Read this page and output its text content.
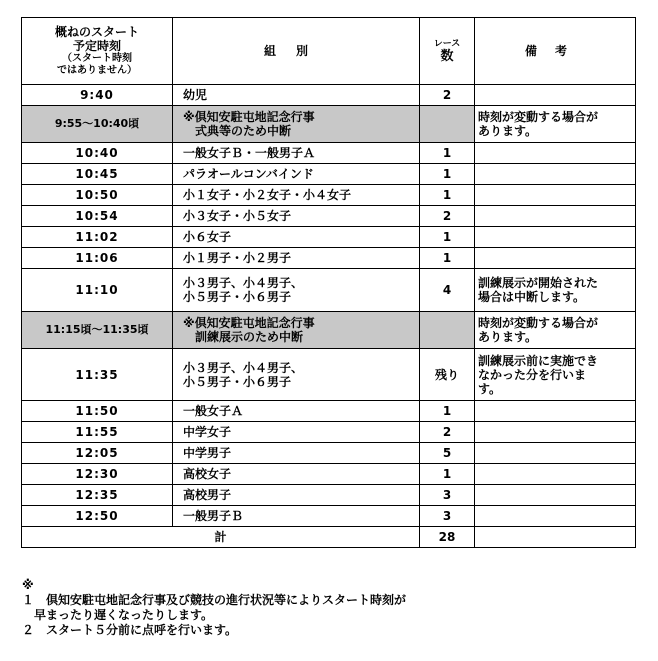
概ねのスタート
予定時刻
（スタート時刻
ではありません）	組別	レース
数	備考
9:40	幼児	2	
9:55～10:40頃	※倶知安駐屯地記念行事
　式典等のため中断		時刻が変動する場合が
あります。
10:40	一般女子Ｂ・一般男子Ａ	1	
10:45	パラオールコンバインド	1	
10:50	小１女子・小２女子・小４女子	1	
10:54	小３女子・小５女子	2	
11:02	小６女子	1	
11:06	小１男子・小２男子	1	
11:10	小３男子、小４男子、
小５男子・小６男子	4	訓練展示が開始された
場合は中断します。
11:15頃～11:35頃	※倶知安駐屯地記念行事
　訓練展示のため中断		時刻が変動する場合が
あります。
11:35	小３男子、小４男子、
小５男子・小６男子	残り	訓練展示前に実施でき
なかった分を行いま
す。
11:50	一般女子Ａ	1	
11:55	中学女子	2	
12:05	中学男子	5	
12:30	高校女子	1	
12:35	高校男子	3	
12:50	一般男子Ｂ	3	
計		28	
※
１　倶知安駐屯地記念行事及び競技の進行状況等によりスタート時刻が
　早まったり遅くなったりします。
２　スタート５分前に点呼を行います。
